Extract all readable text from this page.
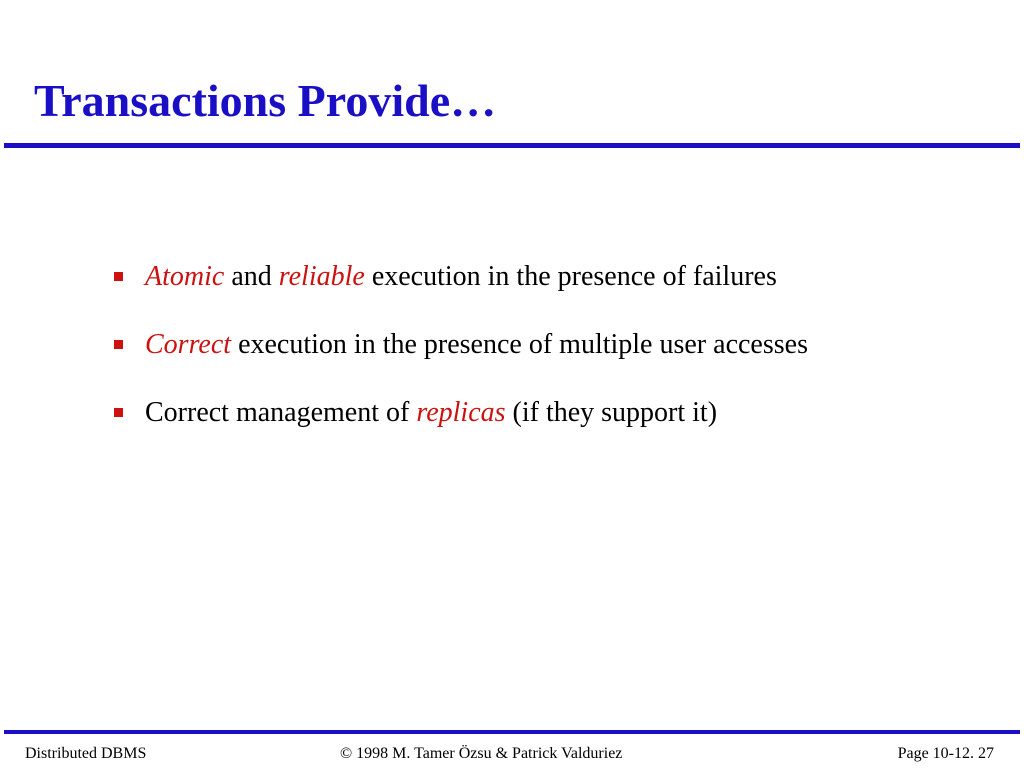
Transactions Provide…
Atomic and reliable execution in the presence of failures
Correct execution in the presence of multiple user accesses
Correct management of replicas (if they support it)
Distributed DBMS	© 1998 M. Tamer Özsu & Patrick Valduriez	Page 10-12. 27
